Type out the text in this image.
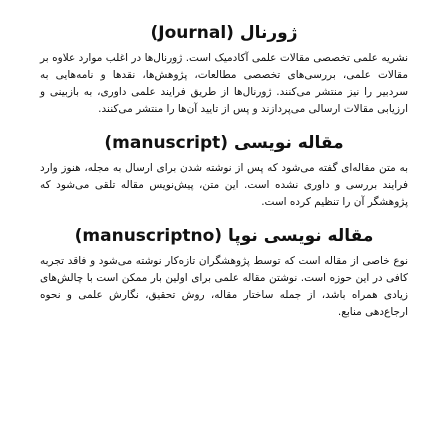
ژورنال (Journal)

نشریه علمی تخصصی مقالات علمی آکادمیک است. ژورنال‌ها در اغلب موارد علاوه بر مقالات علمی، بررسی‌های تخصصی مطالعات، پژوهش‌ها، نقدها و نامه‌هایی به سردبیر را نیز منتشر می‌کنند. ژورنال‌ها از طریق فرایند علمی داوری، به بازبینی و ارزیابی مقالات ارسالی می‌پردازند و پس از تایید آن‌ها را منتشر می‌کنند.

مقاله نویسی (manuscript)

به متن مقاله‌ای گفته می‌شود که پس از نوشته شدن برای ارسال به مجله، هنوز وارد فرایند بررسی و داوری نشده است. این متن، پیش‌نویس مقاله تلقی می‌شود که پژوهشگر آن را تنظیم کرده است.

مقاله نویسی نوپا (manuscriptno)

نوع خاصی از مقاله است که توسط پژوهشگران تازه‌کار نوشته می‌شود و فاقد تجربه کافی در این حوزه است. نوشتن مقاله علمی برای اولین بار ممکن است با چالش‌های زیادی همراه باشد، از جمله ساختار مقاله، روش تحقیق، نگارش علمی و نحوه ارجاع‌دهی منابع.
